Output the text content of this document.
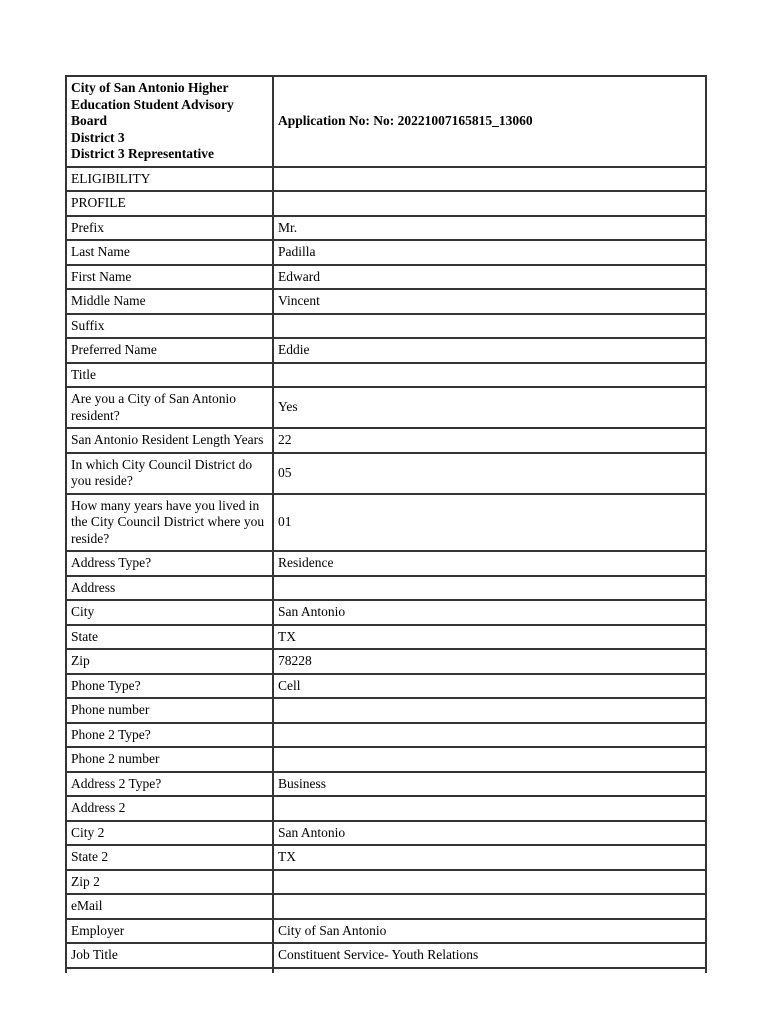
City of San Antonio Higher Education Student Advisory Board
District 3
District 3 Representative	Application No: No: 20221007165815_13060
ELIGIBILITY	
PROFILE	
Prefix	Mr.
Last Name	Padilla
First Name	Edward
Middle Name	Vincent
Suffix	
Preferred Name	Eddie
Title	
Are you a City of San Antonio resident?	Yes
San Antonio Resident Length Years	22
In which City Council District do you reside?	05
How many years have you lived in the City Council District where you reside?	01
Address Type?	Residence
Address	
City	San Antonio
State	TX
Zip	78228
Phone Type?	Cell
Phone number	
Phone 2 Type?	
Phone 2 number	
Address 2 Type?	Business
Address 2	
City 2	San Antonio
State 2	TX
Zip 2	
eMail	
Employer	City of San Antonio
Job Title	Constituent Service- Youth Relations
